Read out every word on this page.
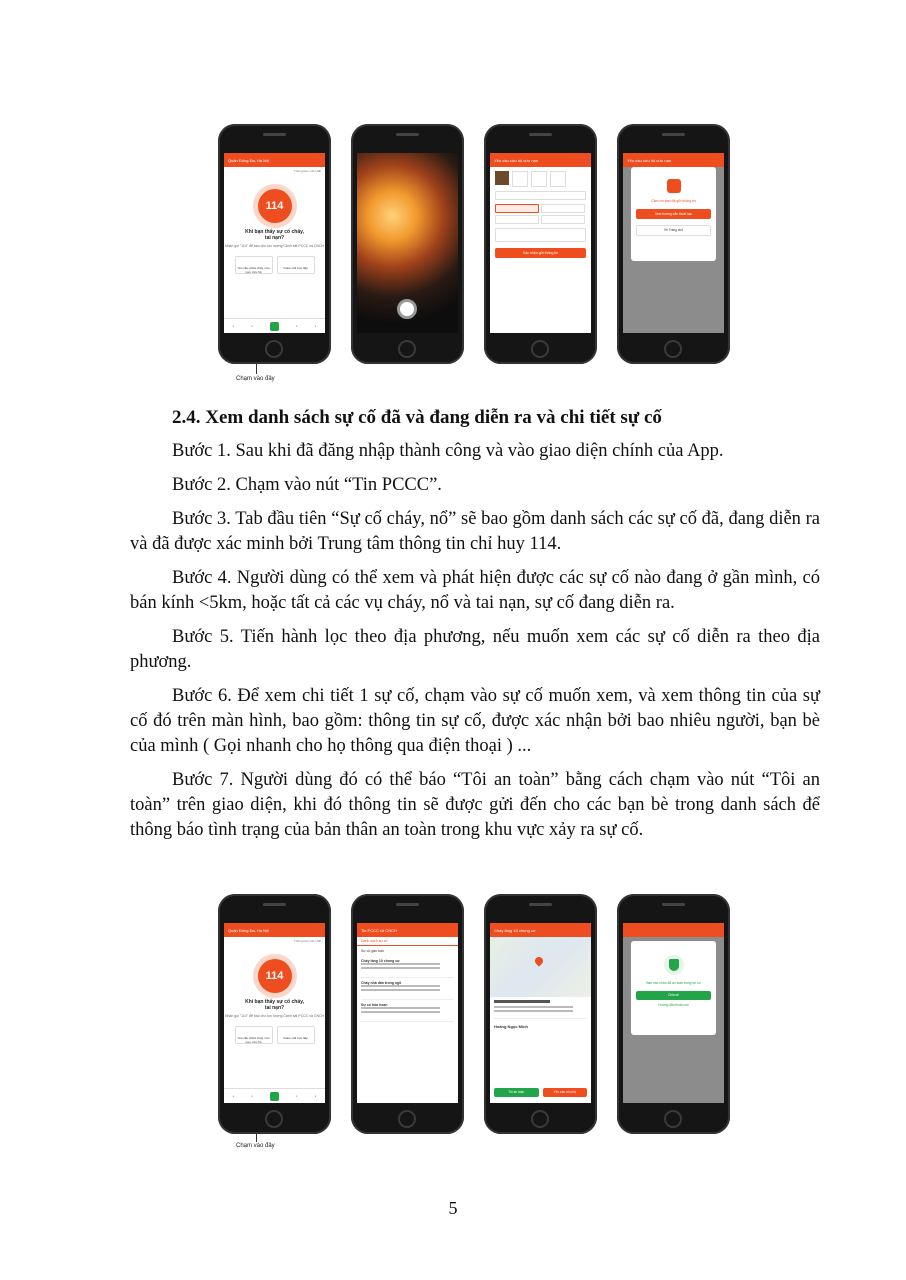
Quận Đống Đa, Hà Nội
Thông báo mới nhất
114
Khi bạn thấy sự cố cháy,
tai nạn?
Nhấn gọi "114" để báo cho lực lượng Cảnh sát PCCC và CNCH
Yêu cầu chữa cháy, cứu nạn, cứu hộ
Video call trực tiếp
●	●	●	●
Yêu cầu cứu hộ cứu nạn
Xác nhận gửi thông tin
Yêu cầu cứu hộ cứu nạn
Cảm ơn bạn đã gửi thông tin
Xem hướng dẫn thoát nạn
Về Trang chủ
Chạm vào đây
2.4. Xem danh sách sự cố đã và đang diễn ra và chi tiết sự cố

Bước 1. Sau khi đã đăng nhập thành công và vào giao diện chính của App.

Bước 2. Chạm vào nút “Tin PCCC”.

Bước 3. Tab đầu tiên “Sự cố cháy, nổ” sẽ bao gồm danh sách các sự cố đã, đang diễn ra và đã được xác minh bởi Trung tâm thông tin chỉ huy 114.

Bước 4. Người dùng có thể xem và phát hiện được các sự cố nào đang ở gần mình, có bán kính <5km, hoặc tất cả các vụ cháy, nổ và tai nạn, sự cố đang diễn ra.

Bước 5. Tiến hành lọc theo địa phương, nếu muốn xem các sự cố diễn ra theo địa phương.

Bước 6. Để xem chi tiết 1 sự cố, chạm vào sự cố muốn xem, và xem thông tin của sự cố đó trên màn hình, bao gồm: thông tin sự cố, được xác nhận bởi bao nhiêu người, bạn bè của mình ( Gọi nhanh cho họ thông qua điện thoại ) ...

Bước 7. Người dùng đó có thể báo “Tôi an toàn” bằng cách chạm vào nút “Tôi an toàn” trên giao diện, khi đó thông tin sẽ được gửi đến cho các bạn bè trong danh sách để thông báo tình trạng của bản thân an toàn trong khu vực xảy ra sự cố.

Quận Đống Đa, Hà Nội
Thông báo mới nhất
114
Khi bạn thấy sự cố cháy,
tai nạn?
Nhấn gọi "114" để báo cho lực lượng Cảnh sát PCCC và CNCH
Yêu cầu chữa cháy, cứu nạn, cứu hộ
Video call trực tiếp
●	●	●	●
Tin PCCC và CNCH
Danh sách sự cố
Sự cố gần bạn
Cháy tầng 10 chung cư
Cháy nhà dân trong ngõ
Sự cố hỏa hoạn
Cháy tầng 10 chung cư
Hoàng Ngọc Minh
Tôi an toàn	Yêu cầu cứu hộ
Bạn xác nhận đã an toàn trong sự cố
Chia sẻ
Hướng dẫn thoát nạn
Chạm vào đây
5
